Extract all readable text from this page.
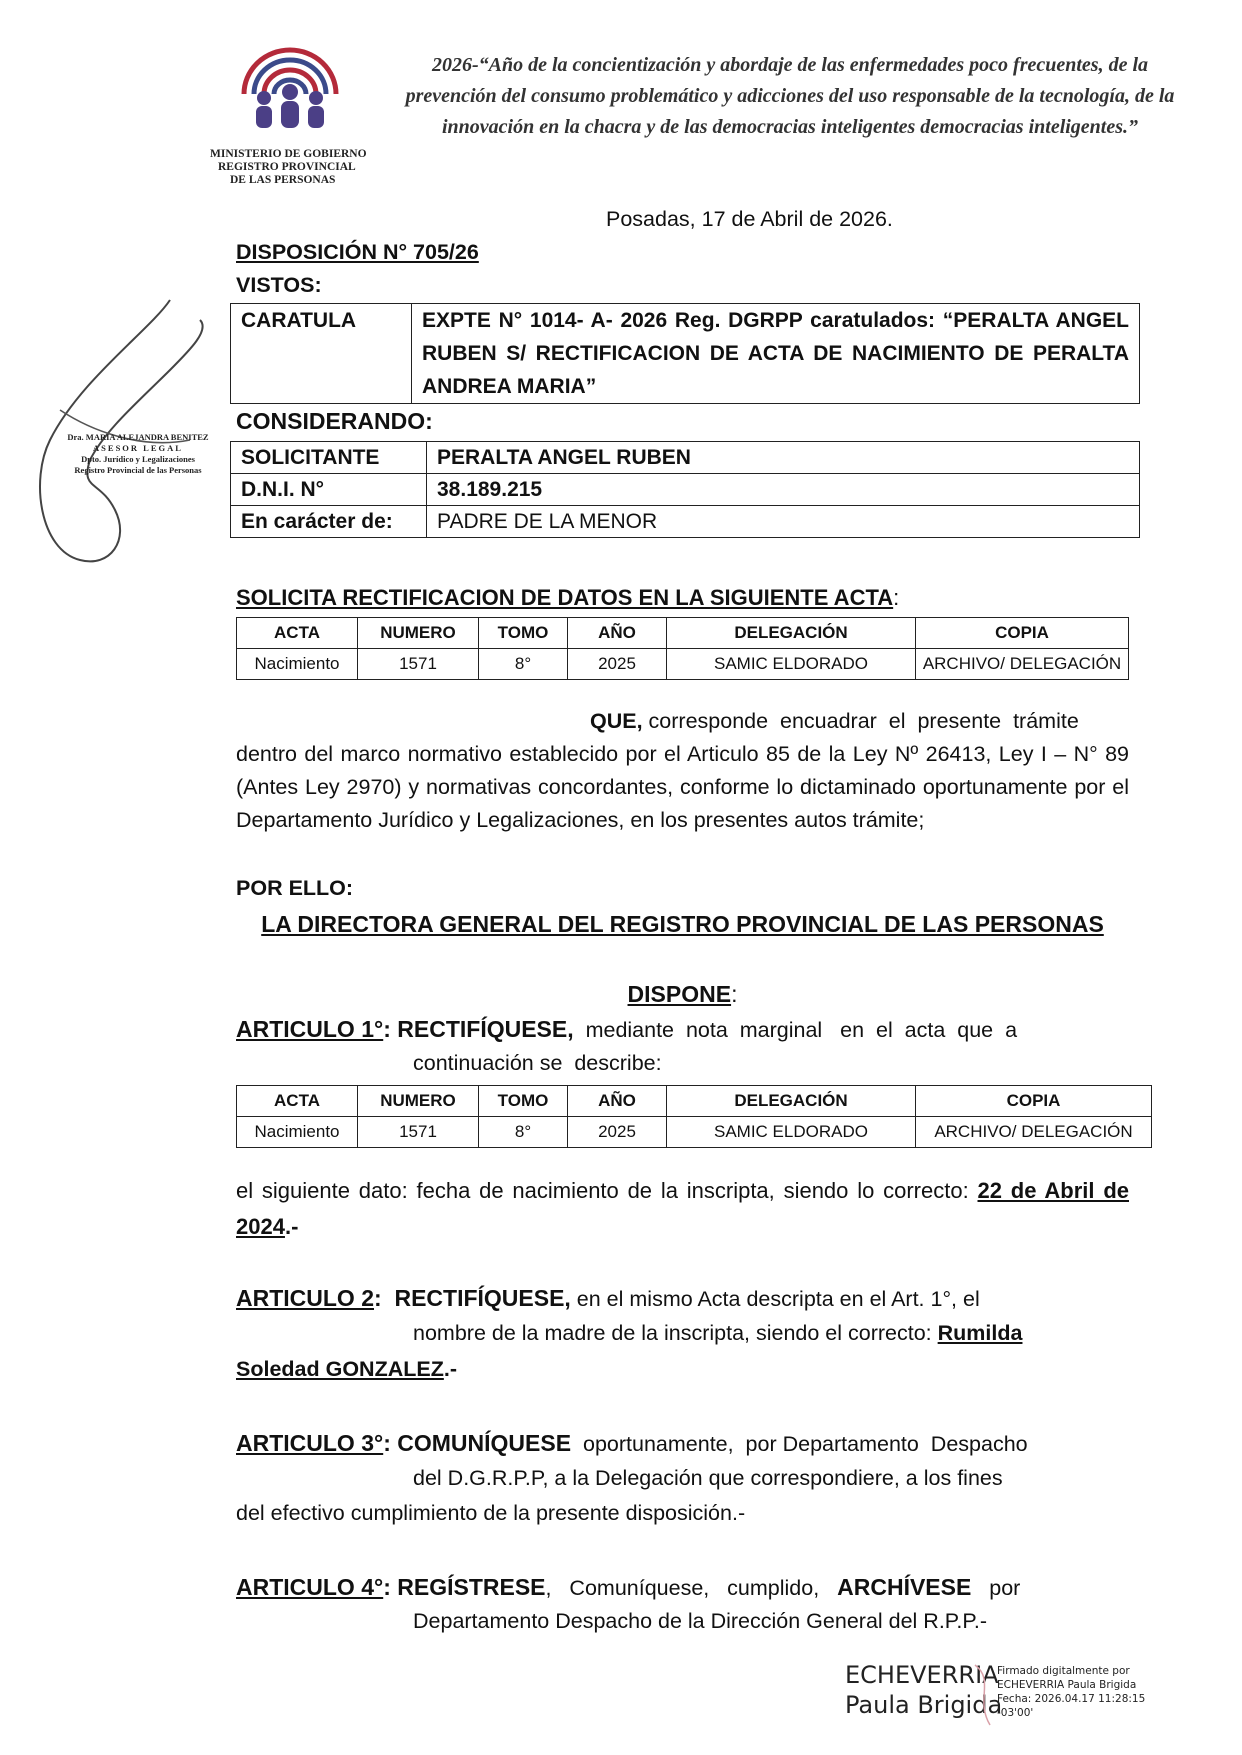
2026-“Año de la concientización y abordaje de las enfermedades poco frecuentes, de la prevención del consumo problemático y adicciones del uso responsable de la tecnología, de la innovación en la chacra y de las democracias inteligentes democracias inteligentes.”
MINISTERIO DE GOBIERNO
REGISTRO PROVINCIAL
DE LAS PERSONAS
Dra. MARIA ALEJANDRA BENITEZ
ASESOR LEGAL
Dpto. Jurídico y Legalizaciones
Registro Provincial de las Personas
Posadas, 17 de Abril de 2026.
DISPOSICIÓN N° 705/26
VISTOS:
CARATULA	EXPTE N° 1014- A- 2026 Reg. DGRPP caratulados: “PERALTA ANGEL RUBEN S/ RECTIFICACION DE ACTA DE NACIMIENTO DE PERALTA ANDREA MARIA”
CONSIDERANDO:
SOLICITANTE	PERALTA ANGEL RUBEN
D.N.I. N°	38.189.215
En carácter de:	PADRE DE LA MENOR
SOLICITA RECTIFICACION DE DATOS EN LA SIGUIENTE ACTA:
ACTA	NUMERO	TOMO	AÑO	DELEGACIÓN	COPIA
Nacimiento	1571	8°	2025	SAMIC ELDORADO	ARCHIVO/ DELEGACIÓN
QUE, corresponde  encuadrar  el  presente  trámite
dentro del marco normativo establecido por el Articulo 85 de la Ley Nº 26413, Ley I – N° 89 (Antes Ley 2970) y normativas concordantes, conforme lo dictaminado oportunamente por el Departamento Jurídico y Legalizaciones, en los presentes autos trámite;
POR ELLO:
LA DIRECTORA GENERAL DEL REGISTRO PROVINCIAL DE LAS PERSONAS
DISPONE:
ARTICULO 1°: RECTIFÍQUESE,  mediante  nota  marginal   en  el  acta  que  a
continuación se  describe:
ACTA	NUMERO	TOMO	AÑO	DELEGACIÓN	COPIA
Nacimiento	1571	8°	2025	SAMIC ELDORADO	ARCHIVO/ DELEGACIÓN
el siguiente dato: fecha de nacimiento de la inscripta, siendo lo correcto: 22 de Abril de 2024.-
ARTICULO 2: RECTIFÍQUESE, en el mismo Acta descripta en el Art. 1°, el
nombre de la madre de la inscripta, siendo el correcto: Rumilda
Soledad GONZALEZ.-
ARTICULO 3°: COMUNÍQUESE  oportunamente,  por Departamento  Despacho
del D.G.R.P.P, a la Delegación que correspondiere, a los fines
del efectivo cumplimiento de la presente disposición.-
ARTICULO 4°: REGÍSTRESE,   Comuníquese,   cumplido,   ARCHÍVESE   por
Departamento Despacho de la Dirección General del R.P.P.-
ECHEVERRIA
Paula Brigida
Firmado digitalmente por
ECHEVERRIA Paula Brigida
Fecha: 2026.04.17 11:28:15
-03'00'
